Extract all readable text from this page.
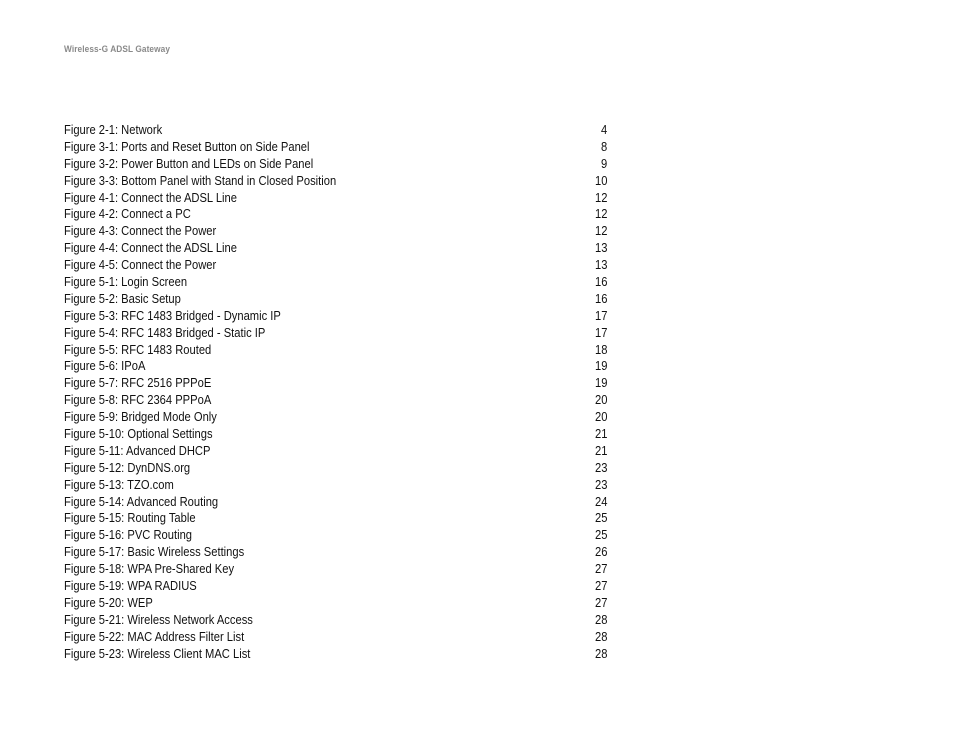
Wireless-G ADSL Gateway
Figure 2-1: Network	4
Figure 3-1: Ports and Reset Button on Side Panel	8
Figure 3-2: Power Button and LEDs on Side Panel	9
Figure 3-3: Bottom Panel with Stand in Closed Position	10
Figure 4-1: Connect the ADSL Line	12
Figure 4-2: Connect a PC	12
Figure 4-3: Connect the Power	12
Figure 4-4: Connect the ADSL Line	13
Figure 4-5: Connect the Power	13
Figure 5-1: Login Screen	16
Figure 5-2: Basic Setup	16
Figure 5-3: RFC 1483 Bridged - Dynamic IP	17
Figure 5-4: RFC 1483 Bridged - Static IP	17
Figure 5-5: RFC 1483 Routed	18
Figure 5-6: IPoA	19
Figure 5-7: RFC 2516 PPPoE	19
Figure 5-8: RFC 2364 PPPoA	20
Figure 5-9: Bridged Mode Only	20
Figure 5-10: Optional Settings	21
Figure 5-11: Advanced DHCP	21
Figure 5-12: DynDNS.org	23
Figure 5-13: TZO.com	23
Figure 5-14: Advanced Routing	24
Figure 5-15: Routing Table	25
Figure 5-16: PVC Routing	25
Figure 5-17: Basic Wireless Settings	26
Figure 5-18: WPA Pre-Shared Key	27
Figure 5-19: WPA RADIUS	27
Figure 5-20: WEP	27
Figure 5-21: Wireless Network Access	28
Figure 5-22: MAC Address Filter List	28
Figure 5-23: Wireless Client MAC List	28
